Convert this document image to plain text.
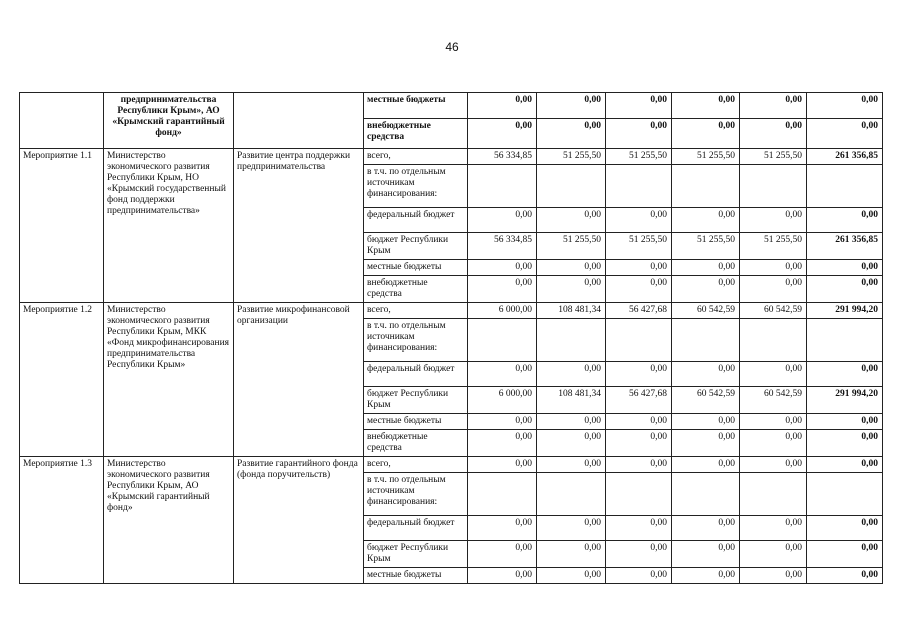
46
	предпринимательства Республики Крым», АО «Крымский гарантийный фонд»		местные бюджеты	0,00	0,00	0,00	0,00	0,00	0,00
			внебюджетные средства	0,00	0,00	0,00	0,00	0,00	0,00
Мероприятие 1.1	Министерство экономического развития Республики Крым, НО «Крымский государственный фонд поддержки предпринимательства»	Развитие центра поддержки предпринимательства	всего,	56 334,85	51 255,50	51 255,50	51 255,50	51 255,50	261 356,85
			в т.ч. по отдельным источникам финансирования:						
			федеральный бюджет	0,00	0,00	0,00	0,00	0,00	0,00
			бюджет Республики Крым	56 334,85	51 255,50	51 255,50	51 255,50	51 255,50	261 356,85
			местные бюджеты	0,00	0,00	0,00	0,00	0,00	0,00
			внебюджетные средства	0,00	0,00	0,00	0,00	0,00	0,00
Мероприятие 1.2	Министерство экономического развития Республики Крым, МКК «Фонд микрофинансирования предпринимательства Республики Крым»	Развитие микрофинансовой организации	всего,	6 000,00	108 481,34	56 427,68	60 542,59	60 542,59	291 994,20
			в т.ч. по отдельным источникам финансирования:						
			федеральный бюджет	0,00	0,00	0,00	0,00	0,00	0,00
			бюджет Республики Крым	6 000,00	108 481,34	56 427,68	60 542,59	60 542,59	291 994,20
			местные бюджеты	0,00	0,00	0,00	0,00	0,00	0,00
			внебюджетные средства	0,00	0,00	0,00	0,00	0,00	0,00
Мероприятие 1.3	Министерство экономического развития Республики Крым, АО «Крымский гарантийный фонд»	Развитие гарантийного фонда (фонда поручительств)	всего,	0,00	0,00	0,00	0,00	0,00	0,00
			в т.ч. по отдельным источникам финансирования:						
			федеральный бюджет	0,00	0,00	0,00	0,00	0,00	0,00
			бюджет Республики Крым	0,00	0,00	0,00	0,00	0,00	0,00
			местные бюджеты	0,00	0,00	0,00	0,00	0,00	0,00
